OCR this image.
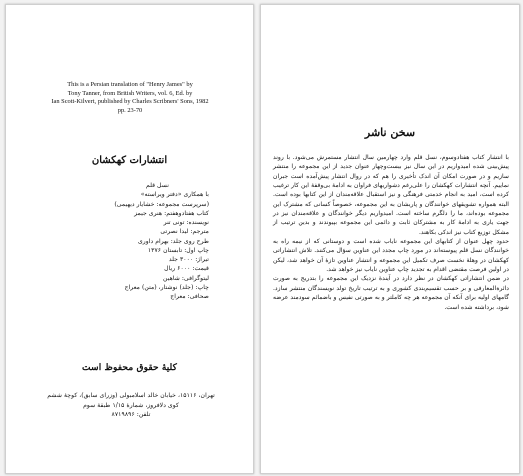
This is a Persian translation of "Henry James" by
Tony Tanner, from British Writers, vol. 6, Ed. by
Ian Scott-Kilvert, published by Charles Scribners' Sons, 1982
pp. 23-70
انتشارات کهکشان
نسل قلم
با همکاری «دفتر ویراسته»
(سرپرست مجموعه: خشایار دیهیمی)
کتاب هفتادوهفتم: هنری جیمز
نویسنده: تونی تنر
مترجم: لیدا نصرتی
طرح روی جلد: بهرام داوری
چاپ اول: تابستان ۱۳۷۶
تیراژ: ۳۰۰۰ جلد
قیمت: ۶۰۰۰ ریال
لیتوگرافی: شاهین
چاپ: (جلد) نوشتار، (متن) معراج
صحافی: معراج
کلیهٔ حقوق محفوظ است
تهران، ۱۵۱۱۶، خیابان خالد اسلامبولی (وزرای سابق)، کوچهٔ ششم
کوی دلافروز، شمارهٔ ۱/۱۵ طبقهٔ سوم
تلفن: ۸۷۱۹۸۹۶
سخن ناشر

با انتشار کتاب هفتادوسوم، نسل قلم وارد چهارمین سال انتشار مستمرش می‌شود. با روند پیش‌بینی شده امیدواریم در این سال نیز بیست‌وچهار عنوان جدید از این مجموعه را منتشر سازیم و در صورت امکان آن اندک تأخیری را هم که در روال انتشار پیش‌آمده است جبران نماییم. آنچه انتشارات کهکشان را علی‌رغم دشواریهای فراوان به ادامهٔ بی‌وقفهٔ این کار ترغیب کرده است، امید به انجام خدمتی فرهنگی و نیز استقبال علاقه‌مندان از این کتابها بوده است. البته همواره تشویقهای خوانندگان و پاریشان به این مجموعه، خصوصاً کسانی که مشترک این مجموعه بوده‌اند، ما را دلگرم ساخته است. امیدواریم دیگر خوانندگان و علاقه‌مندان نیز در جهت یاری به ادامهٔ کار به مشترکان ثابت و دائمی این مجموعه بپیوندند و بدین ترتیب از مشکل توزیع کتاب نیز اندکی بکاهند.

حدود چهل عنوان از کتابهای این مجموعه نایاب شده است و دوستانی که از نیمه راه به خوانندگان نسل قلم پیوسته‌اند در مورد چاپ مجدد این عناوین سؤال می‌کنند. تلاش انتشاراتی کهکشان در وهلهٔ نخست صرف تکمیل این مجموعه و انتشار عناوین تازهٔ آن خواهد شد، لیکن در اولین فرصت مقتضی اقدام به تجدید چاپ عناوین نایاب نیز خواهد شد.

در ضمن انتشاراتی کهکشان در نظر دارد در آیندهٔ نزدیک این مجموعه را بتدریج به صورت دائرةالمعارفی و بر حسب تقسیم‌بندی کشوری و به ترتیب تاریخ تولد نویسندگان منتشر سازد. گامهای اولیه برای آنکه آن مجموعه هر چه کاملتر و به صورتی نفیس و باضمائم سودمند عرضه شود، برداشته شده است.
